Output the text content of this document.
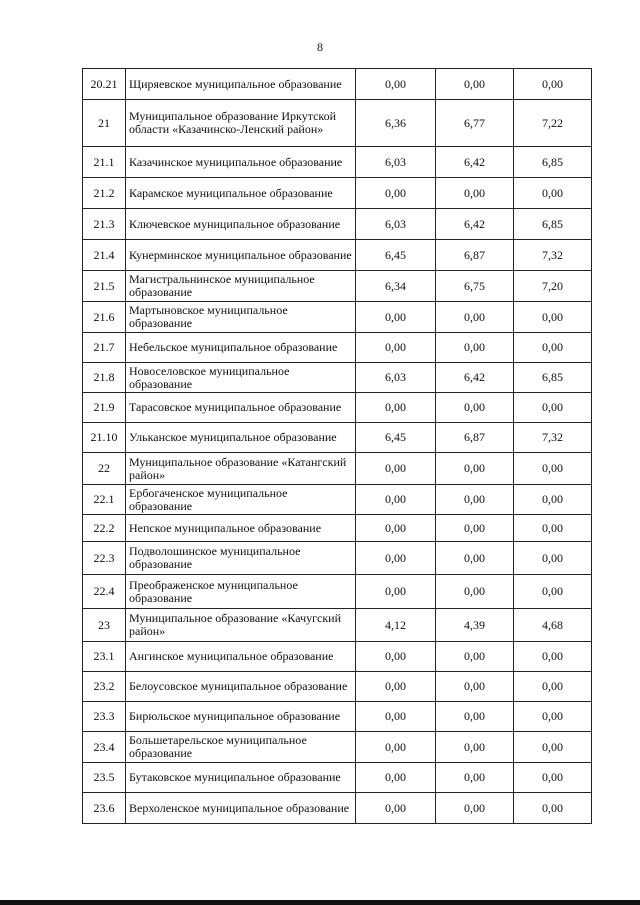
8
20.21	Щиряевское муниципальное образование	0,00	0,00	0,00
21	Муниципальное образование Иркутской области «Казачинско-Ленский район»	6,36	6,77	7,22
21.1	Казачинское муниципальное образование	6,03	6,42	6,85
21.2	Карамское муниципальное образование	0,00	0,00	0,00
21.3	Ключевское муниципальное образование	6,03	6,42	6,85
21.4	Кунерминское муниципальное образование	6,45	6,87	7,32
21.5	Магистральнинское муниципальное образование	6,34	6,75	7,20
21.6	Мартыновское муниципальное образование	0,00	0,00	0,00
21.7	Небельское муниципальное образование	0,00	0,00	0,00
21.8	Новоселовское муниципальное образование	6,03	6,42	6,85
21.9	Тарасовское муниципальное образование	0,00	0,00	0,00
21.10	Ульканское муниципальное образование	6,45	6,87	7,32
22	Муниципальное образование «Катангский район»	0,00	0,00	0,00
22.1	Ербогаченское муниципальное образование	0,00	0,00	0,00
22.2	Непское муниципальное образование	0,00	0,00	0,00
22.3	Подволошинское муниципальное образование	0,00	0,00	0,00
22.4	Преображенское муниципальное образование	0,00	0,00	0,00
23	Муниципальное образование «Качугский район»	4,12	4,39	4,68
23.1	Ангинское муниципальное образование	0,00	0,00	0,00
23.2	Белоусовское муниципальное образование	0,00	0,00	0,00
23.3	Бирюльское муниципальное образование	0,00	0,00	0,00
23.4	Большетарельское муниципальное образование	0,00	0,00	0,00
23.5	Бутаковское муниципальное образование	0,00	0,00	0,00
23.6	Верхоленское муниципальное образование	0,00	0,00	0,00
